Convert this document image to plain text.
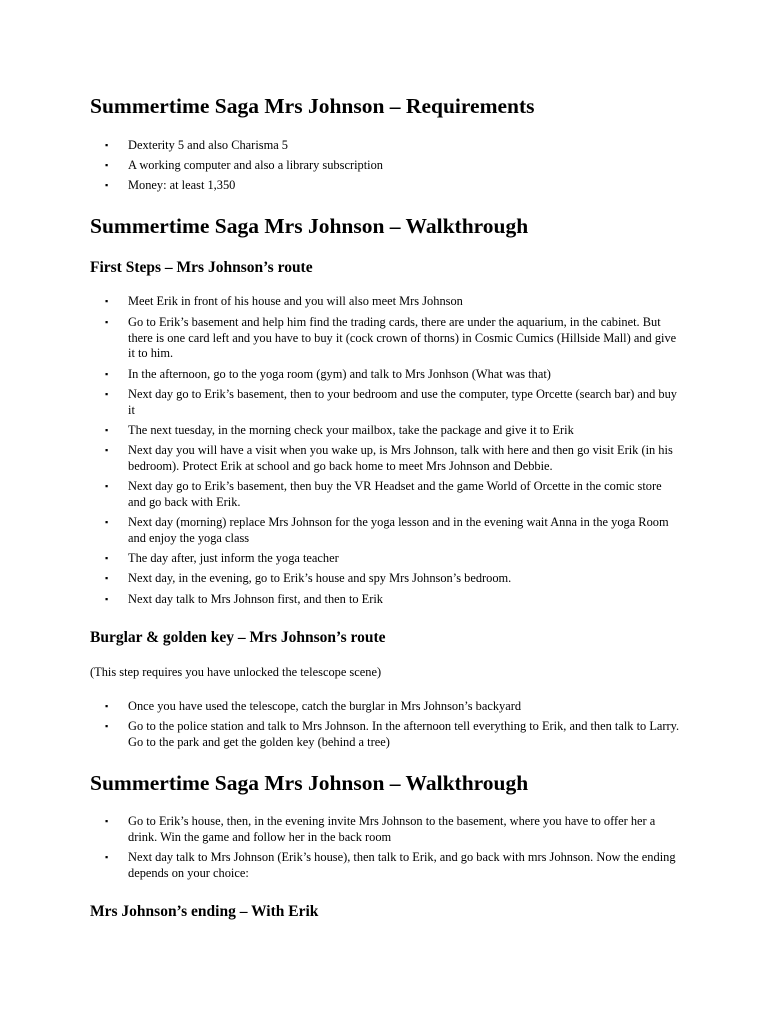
Summertime Saga Mrs Johnson – Requirements
▪ Dexterity 5 and also Charisma 5
▪ A working computer and also a library subscription
▪ Money: at least 1,350
Summertime Saga Mrs Johnson – Walkthrough
First Steps – Mrs Johnson’s route
▪ Meet Erik in front of his house and you will also meet Mrs Johnson
▪ Go to Erik’s basement and help him find the trading cards, there are under the aquarium, in the cabinet. But there is one card left and you have to buy it (cock crown of thorns) in Cosmic Cumics (Hillside Mall) and give it to him.
▪ In the afternoon, go to the yoga room (gym) and talk to Mrs Jonhson (What was that)
▪ Next day go to Erik’s basement, then to your bedroom and use the computer, type Orcette (search bar) and buy it
▪ The next tuesday, in the morning check your mailbox, take the package and give it to Erik
▪ Next day you will have a visit when you wake up, is Mrs Johnson, talk with here and then go visit Erik (in his bedroom). Protect Erik at school and go back home to meet Mrs Johnson and Debbie.
▪ Next day go to Erik’s basement, then buy the VR Headset and the game World of Orcette in the comic store and go back with Erik.
▪ Next day (morning) replace Mrs Johnson for the yoga lesson and in the evening wait Anna in the yoga Room and enjoy the yoga class
▪ The day after, just inform the yoga teacher
▪ Next day, in the evening, go to Erik’s house and spy Mrs Johnson’s bedroom.
▪ Next day talk to Mrs Johnson first, and then to Erik
Burglar & golden key – Mrs Johnson’s route

(This step requires you have unlocked the telescope scene)

▪ Once you have used the telescope, catch the burglar in Mrs Johnson’s backyard
▪ Go to the police station and talk to Mrs Johnson. In the afternoon tell everything to Erik, and then talk to Larry. Go to the park and get the golden key (behind a tree)
Summertime Saga Mrs Johnson – Walkthrough
▪ Go to Erik’s house, then, in the evening invite Mrs Johnson to the basement, where you have to offer her a drink. Win the game and follow her in the back room
▪ Next day talk to Mrs Johnson (Erik’s house), then talk to Erik, and go back with mrs Johnson. Now the ending depends on your choice:
Mrs Johnson’s ending – With Erik
